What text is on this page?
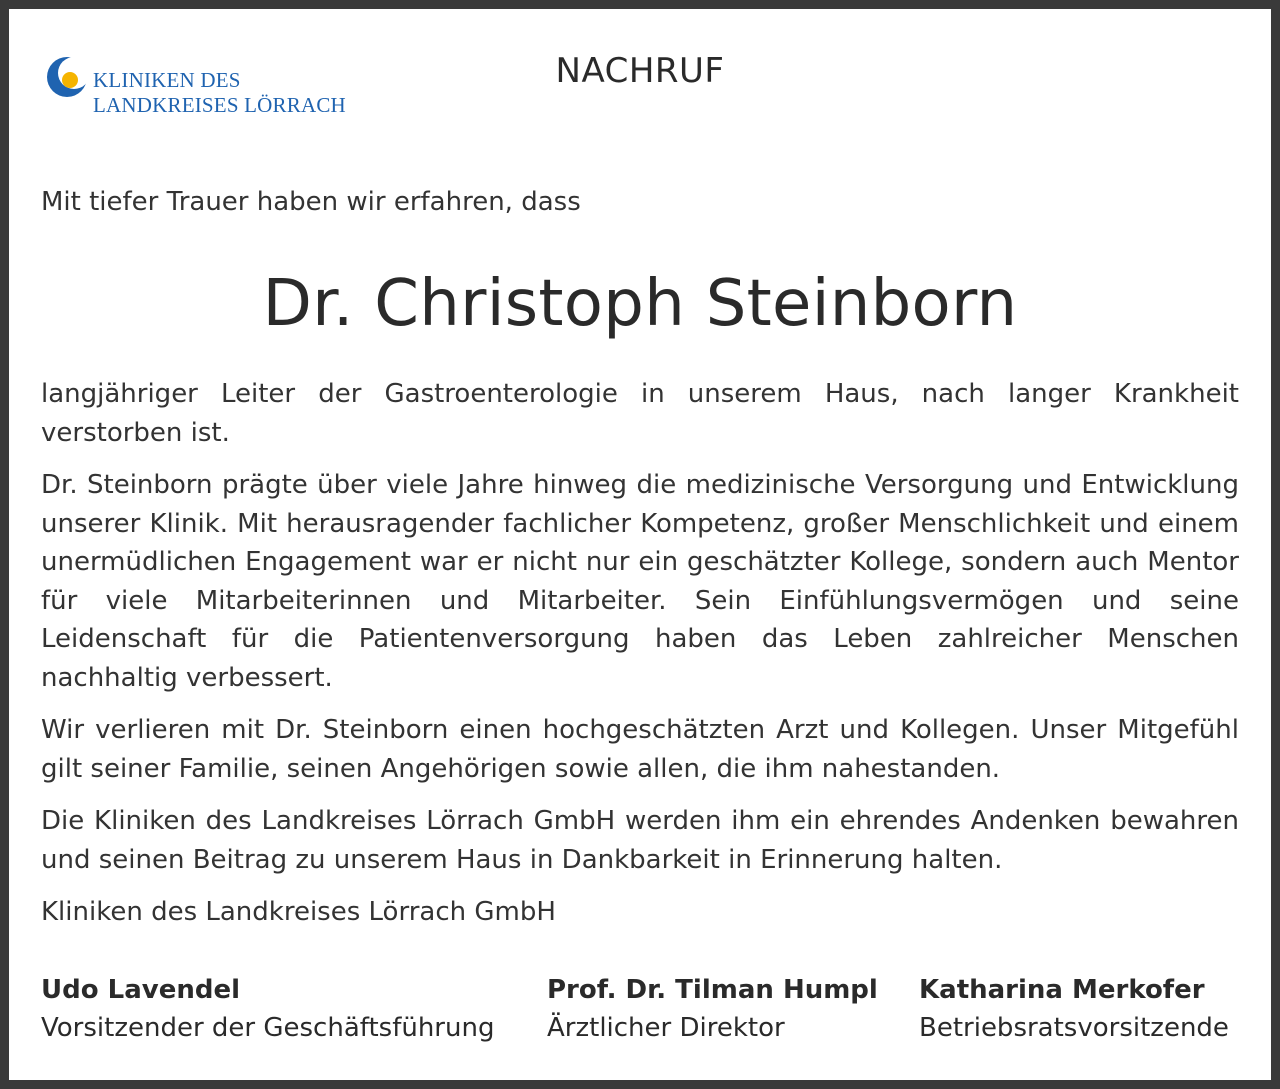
KLINIKEN DES
LANDKREISES LÖRRACH
NACHRUF
Mit tiefer Trauer haben wir erfahren, dass
Dr. Christoph Steinborn

langjähriger Leiter der Gastroenterologie in unserem Haus, nach langer Krankheit verstorben ist.

Dr. Steinborn prägte über viele Jahre hinweg die medizinische Versorgung und Entwicklung unserer Klinik. Mit herausragender fachlicher Kompetenz, großer Menschlichkeit und einem unermüdlichen Engagement war er nicht nur ein geschätzter Kollege, sondern auch Mentor für viele Mitarbeiterinnen und Mitarbeiter. Sein Einfühlungsvermögen und seine Leidenschaft für die Patientenversorgung haben das Leben zahlreicher Menschen nachhaltig verbessert.

Wir verlieren mit Dr. Steinborn einen hochgeschätzten Arzt und Kollegen. Unser Mitgefühl gilt seiner Familie, seinen Angehörigen sowie allen, die ihm nahestanden.

Die Kliniken des Landkreises Lörrach GmbH werden ihm ein ehrendes Andenken bewahren und seinen Beitrag zu unserem Haus in Dankbarkeit in Erinnerung halten.

Kliniken des Landkreises Lörrach GmbH

Udo Lavendel
Vorsitzender der Geschäftsführung
Prof. Dr. Tilman Humpl
Ärztlicher Direktor
Katharina Merkofer
Betriebsratsvorsitzende
